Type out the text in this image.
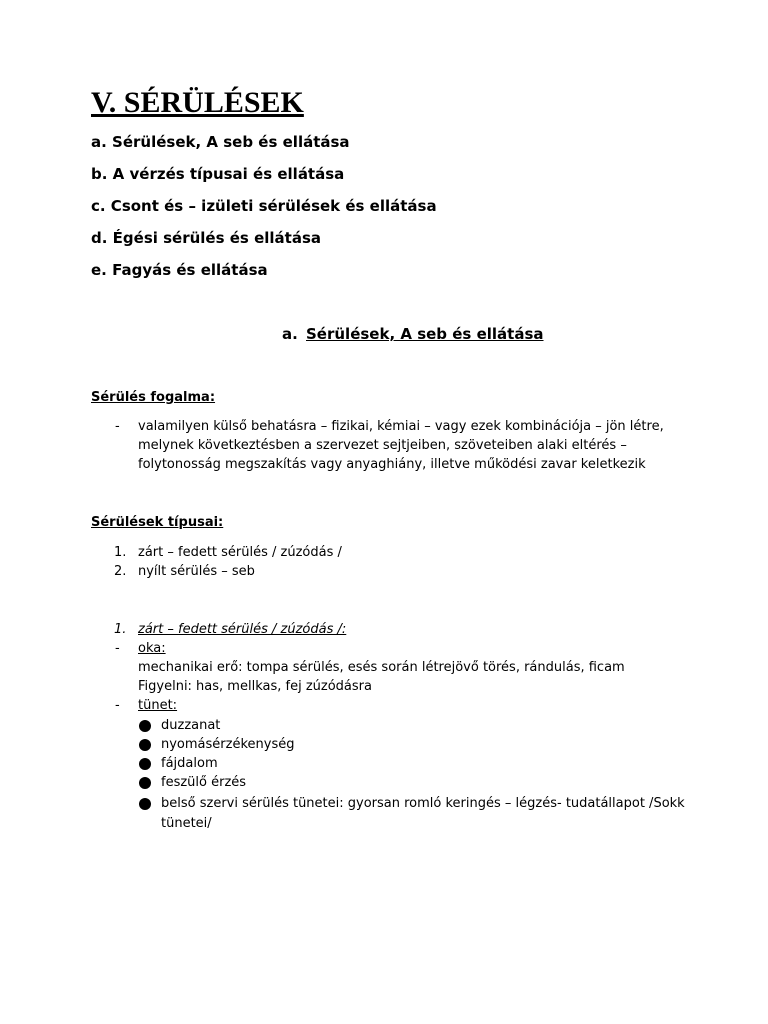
V. SÉRÜLÉSEK
a. Sérülések, A seb és ellátása
b. A vérzés típusai és ellátása
c. Csont és – izületi sérülések és ellátása
d. Égési sérülés és ellátása
e. Fagyás és ellátása
a. Sérülések, A seb és ellátása
Sérülés fogalma:
- valamilyen külső behatásra – fizikai, kémiai – vagy ezek kombinációja – jön létre,
melynek következtésben a szervezet sejtjeiben, szöveteiben alaki eltérés –
folytonosság megszakítás vagy anyaghiány, illetve működési zavar keletkezik
Sérülések típusai:
1. zárt – fedett sérülés / zúzódás /
2. nyílt sérülés – seb
1. zárt – fedett sérülés / zúzódás /:
- oka:
mechanikai erő: tompa sérülés, esés során létrejövő törés, rándulás, ficam
Figyelni: has, mellkas, fej zúzódásra
- tünet:
duzzanat
nyomásérzékenység
fájdalom
feszülő érzés
belső szervi sérülés tünetei: gyorsan romló keringés – légzés- tudatállapot /Sokk
tünetei/
